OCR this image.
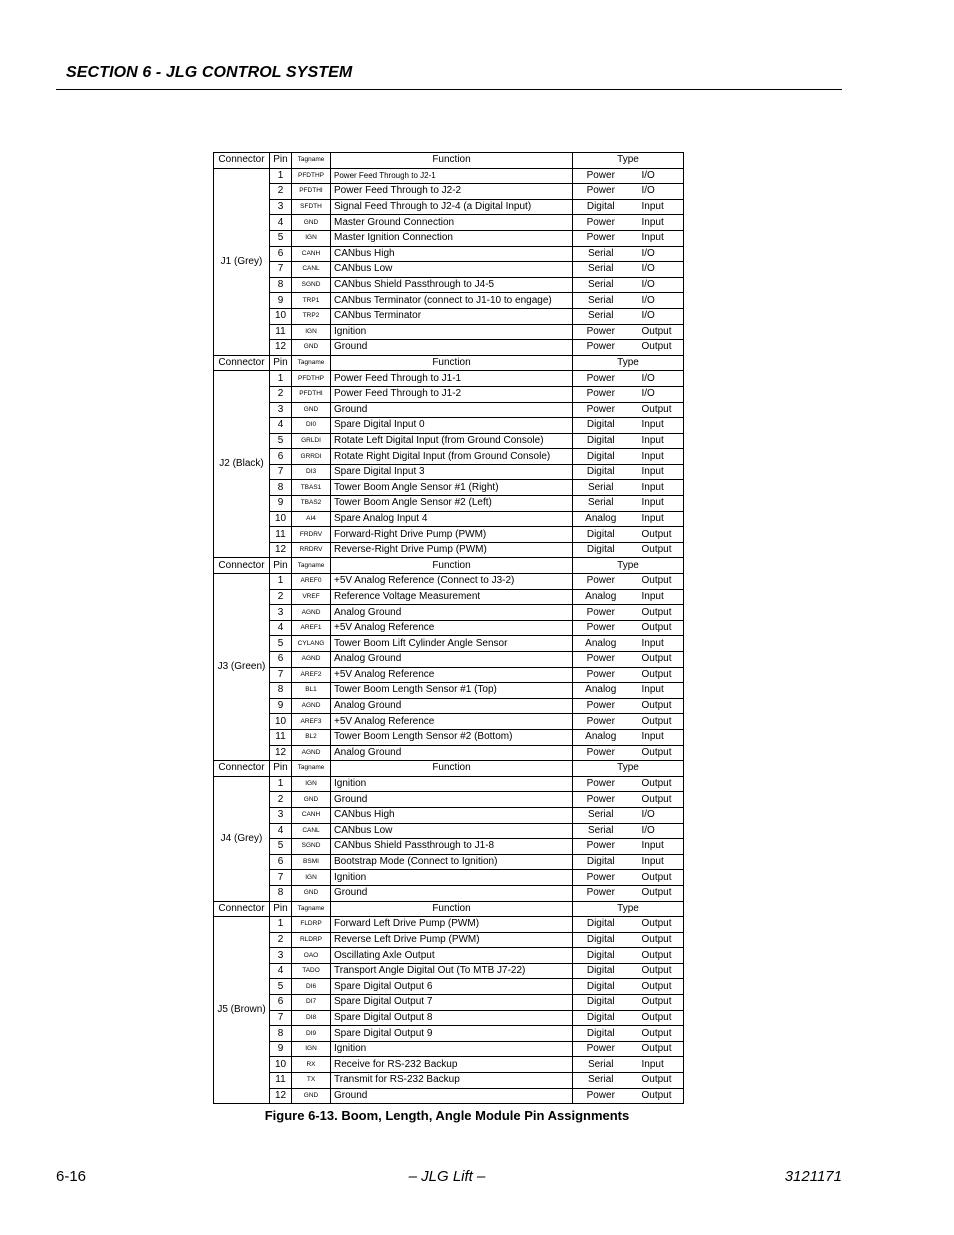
SECTION 6 - JLG CONTROL SYSTEM
Connector	Pin	Tagname	Function	Type	
J1 (Grey)	1	PFDTHP	Power Feed Through to J2-1	Power	I/O
	2	PFDTHI	Power Feed Through to J2-2	Power	I/O
	3	SFDTH	Signal Feed Through to J2-4 (a Digital Input)	Digital	Input
	4	GND	Master Ground Connection	Power	Input
	5	IGN	Master Ignition Connection	Power	Input
	6	CANH	CANbus High	Serial	I/O
	7	CANL	CANbus Low	Serial	I/O
	8	SGND	CANbus Shield Passthrough to J4-5	Serial	I/O
	9	TRP1	CANbus Terminator (connect to J1-10 to engage)	Serial	I/O
	10	TRP2	CANbus Terminator	Serial	I/O
	11	IGN	Ignition	Power	Output
	12	GND	Ground	Power	Output
Connector	Pin	Tagname	Function	Type	
J2 (Black)	1	PFDTHP	Power Feed Through to J1-1	Power	I/O
	2	PFDTHI	Power Feed Through to J1-2	Power	I/O
	3	GND	Ground	Power	Output
	4	DI0	Spare Digital Input 0	Digital	Input
	5	GRLDI	Rotate Left Digital Input (from Ground Console)	Digital	Input
	6	GRRDI	Rotate Right Digital Input (from Ground Console)	Digital	Input
	7	DI3	Spare Digital Input 3	Digital	Input
	8	TBAS1	Tower Boom Angle Sensor #1 (Right)	Serial	Input
	9	TBAS2	Tower Boom Angle Sensor #2 (Left)	Serial	Input
	10	AI4	Spare Analog Input 4	Analog	Input
	11	FRDRV	Forward-Right Drive Pump (PWM)	Digital	Output
	12	RRDRV	Reverse-Right Drive Pump (PWM)	Digital	Output
Connector	Pin	Tagname	Function	Type	
J3 (Green)	1	AREF0	+5V Analog Reference (Connect to J3-2)	Power	Output
	2	VREF	Reference Voltage Measurement	Analog	Input
	3	AGND	Analog Ground	Power	Output
	4	AREF1	+5V Analog Reference	Power	Output
	5	CYLANG	Tower Boom Lift Cylinder Angle Sensor	Analog	Input
	6	AGND	Analog Ground	Power	Output
	7	AREF2	+5V Analog Reference	Power	Output
	8	BL1	Tower Boom Length Sensor #1 (Top)	Analog	Input
	9	AGND	Analog Ground	Power	Output
	10	AREF3	+5V Analog Reference	Power	Output
	11	BL2	Tower Boom Length Sensor #2 (Bottom)	Analog	Input
	12	AGND	Analog Ground	Power	Output
Connector	Pin	Tagname	Function	Type	
J4 (Grey)	1	IGN	Ignition	Power	Output
	2	GND	Ground	Power	Output
	3	CANH	CANbus High	Serial	I/O
	4	CANL	CANbus Low	Serial	I/O
	5	SGND	CANbus Shield Passthrough to J1-8	Power	Input
	6	BSMI	Bootstrap Mode (Connect to Ignition)	Digital	Input
	7	IGN	Ignition	Power	Output
	8	GND	Ground	Power	Output
Connector	Pin	Tagname	Function	Type	
J5 (Brown)	1	FLDRP	Forward Left Drive Pump (PWM)	Digital	Output
	2	RLDRP	Reverse Left Drive Pump (PWM)	Digital	Output
	3	OAO	Oscillating Axle Output	Digital	Output
	4	TADO	Transport Angle Digital Out (To MTB J7-22)	Digital	Output
	5	DI6	Spare Digital Output 6	Digital	Output
	6	DI7	Spare Digital Output 7	Digital	Output
	7	DI8	Spare Digital Output 8	Digital	Output
	8	DI9	Spare Digital Output 9	Digital	Output
	9	IGN	Ignition	Power	Output
	10	RX	Receive for RS-232 Backup	Serial	Input
	11	TX	Transmit for RS-232 Backup	Serial	Output
	12	GND	Ground	Power	Output
Figure 6-13. Boom, Length, Angle Module Pin Assignments
6-16	– JLG Lift –	3121171
